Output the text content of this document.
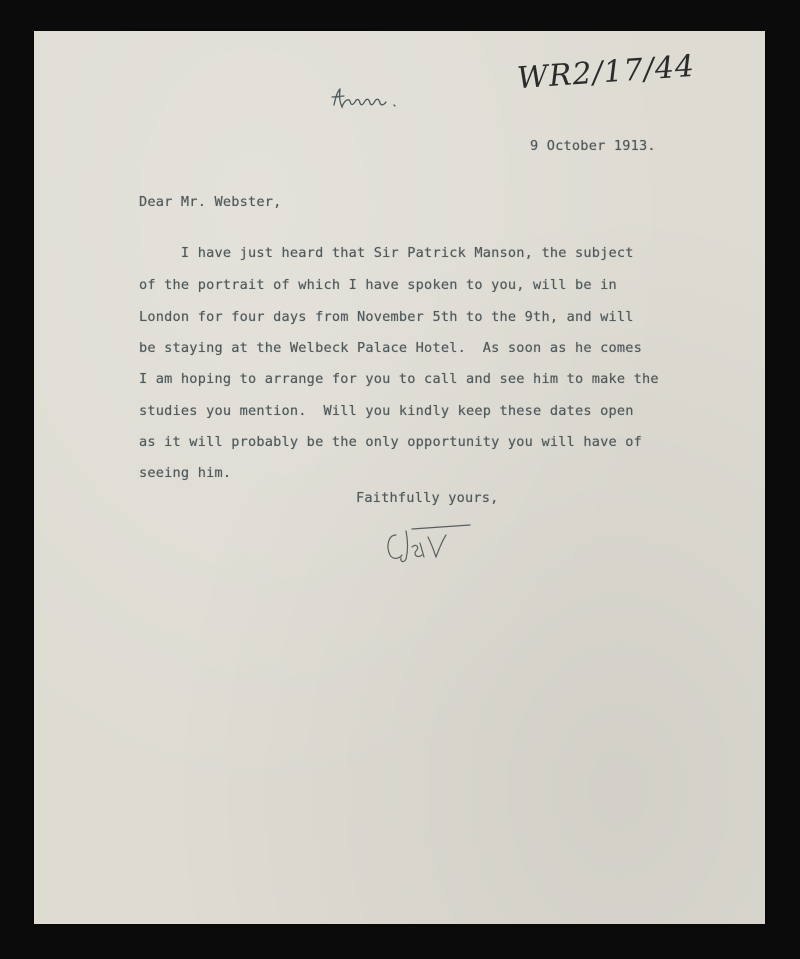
WR2/17/44
9 October 1913.
Dear Mr. Webster,
I have just heard that Sir Patrick Manson, the subject
of the portrait of which I have spoken to you, will be in
London for four days from November 5th to the 9th, and will
be staying at the Welbeck Palace Hotel.  As soon as he comes
I am hoping to arrange for you to call and see him to make the
studies you mention.  Will you kindly keep these dates open
as it will probably be the only opportunity you will have of
seeing him.
Faithfully yours,
